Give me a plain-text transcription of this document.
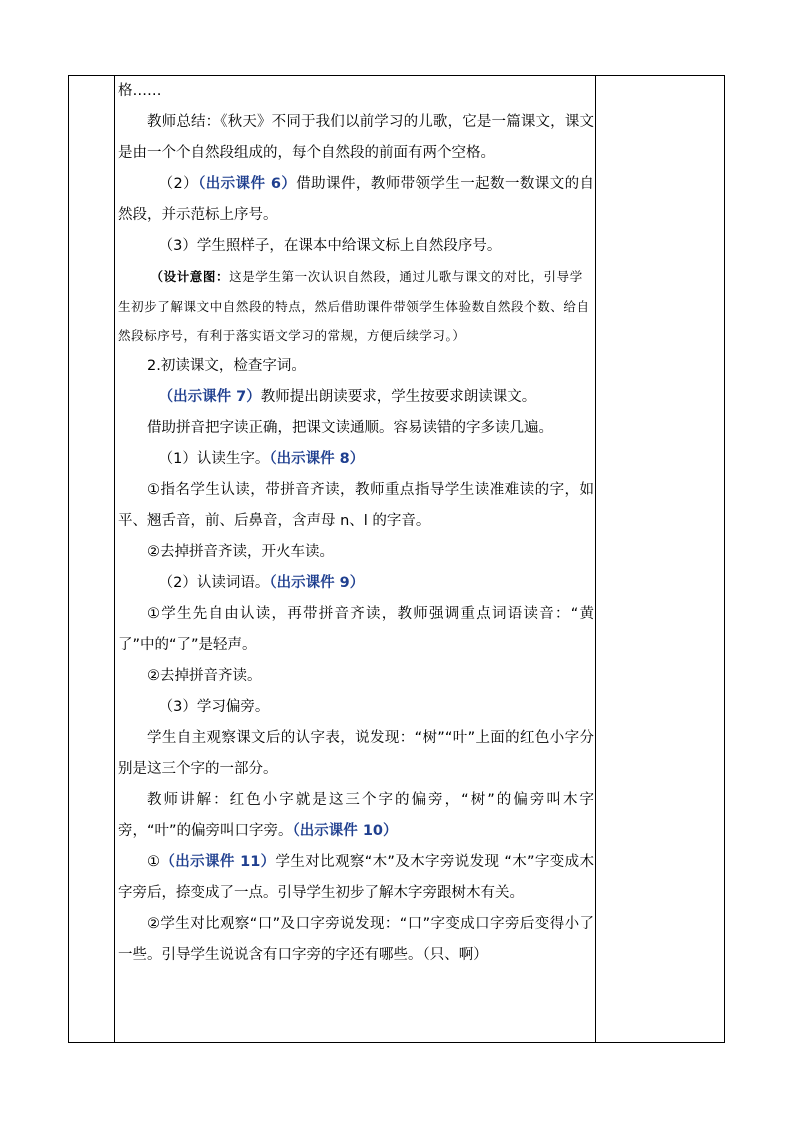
格……

教师总结：《秋天》不同于我们以前学习的儿歌，它是一篇课文，课文是由一个个自然段组成的，每个自然段的前面有两个空格。

（2）（出示课件 6）借助课件，教师带领学生一起数一数课文的自然段，并示范标上序号。

（3）学生照样子，在课本中给课文标上自然段序号。

（设计意图：这是学生第一次认识自然段，通过儿歌与课文的对比，引导学生初步了解课文中自然段的特点，然后借助课件带领学生体验数自然段个数、给自然段标序号，有利于落实语文学习的常规，方便后续学习。）

2.初读课文，检查字词。

（出示课件 7）教师提出朗读要求，学生按要求朗读课文。

借助拼音把字读正确，把课文读通顺。容易读错的字多读几遍。

（1）认读生字。（出示课件 8）

①指名学生认读，带拼音齐读，教师重点指导学生读准难读的字，如平、翘舌音，前、后鼻音，含声母 n、l 的字音。

②去掉拼音齐读，开火车读。

（2）认读词语。（出示课件 9）

①学生先自由认读，再带拼音齐读，教师强调重点词语读音：“黄了”中的“了”是轻声。

②去掉拼音齐读。

（3）学习偏旁。

学生自主观察课文后的认字表，说发现：“树”“叶”上面的红色小字分别是这三个字的一部分。

教师讲解：红色小字就是这三个字的偏旁，“树”的偏旁叫木字旁，“叶”的偏旁叫口字旁。（出示课件 10）

①（出示课件 11）学生对比观察“木”及木字旁说发现 “木”字变成木字旁后，捺变成了一点。引导学生初步了解木字旁跟树木有关。

②学生对比观察“口”及口字旁说发现：“口”字变成口字旁后变得小了一些。引导学生说说含有口字旁的字还有哪些。（只、啊）
